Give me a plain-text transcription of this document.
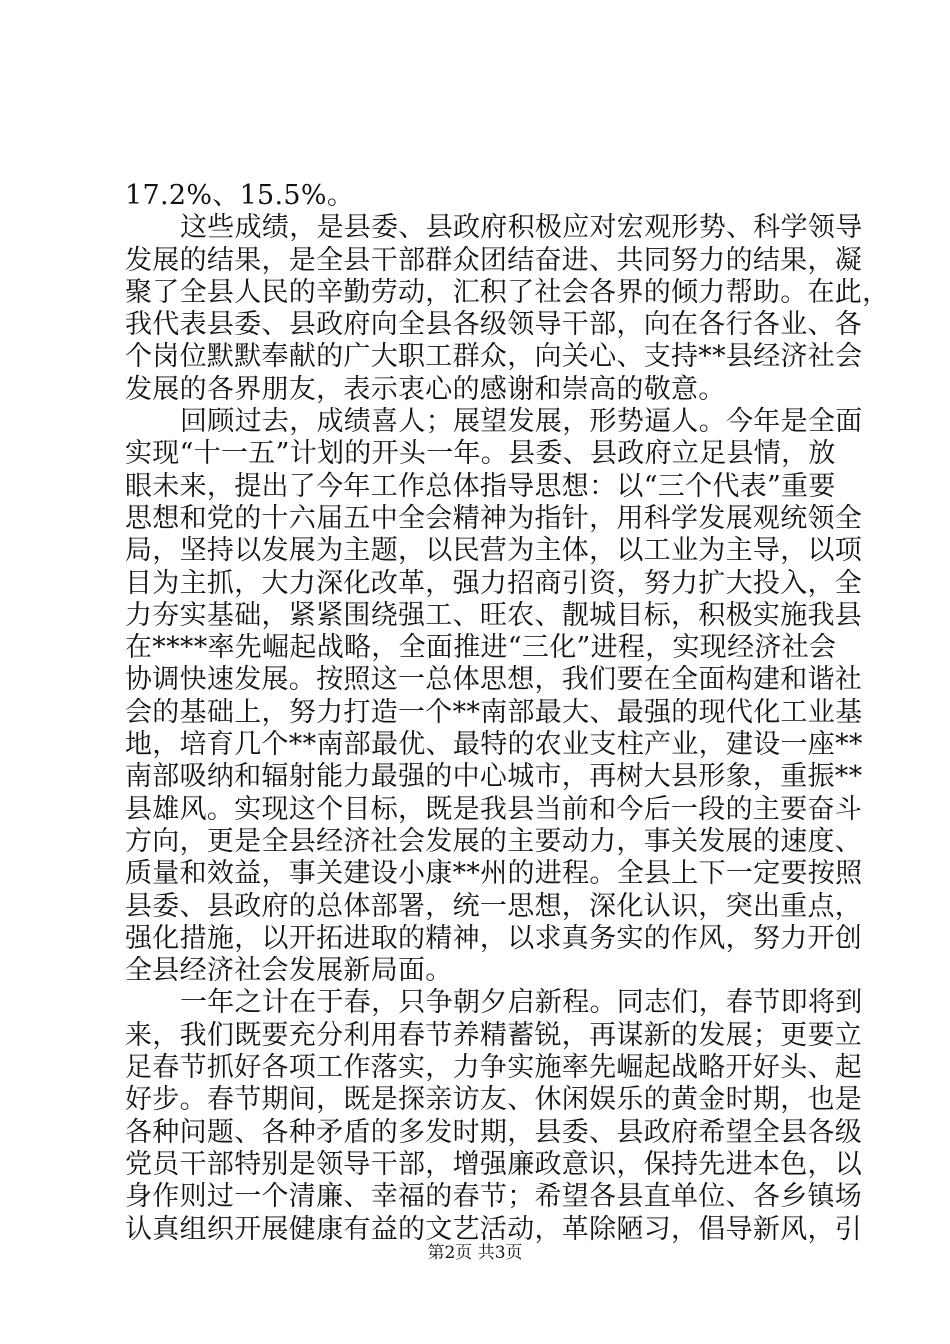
17.2%、15.5%。
这些成绩，是县委、县政府积极应对宏观形势、科学领导
发展的结果，是全县干部群众团结奋进、共同努力的结果，凝
聚了全县人民的辛勤劳动，汇积了社会各界的倾力帮助。在此，
我代表县委、县政府向全县各级领导干部，向在各行各业、各
个岗位默默奉献的广大职工群众，向关心、支持**县经济社会
发展的各界朋友，表示衷心的感谢和崇高的敬意。
回顾过去，成绩喜人；展望发展，形势逼人。今年是全面
实现“十一五”计划的开头一年。县委、县政府立足县情，放
眼未来，提出了今年工作总体指导思想：以“三个代表”重要
思想和党的十六届五中全会精神为指针，用科学发展观统领全
局，坚持以发展为主题，以民营为主体，以工业为主导，以项
目为主抓，大力深化改革，强力招商引资，努力扩大投入，全
力夯实基础，紧紧围绕强工、旺农、靓城目标，积极实施我县
在****率先崛起战略，全面推进“三化”进程，实现经济社会
协调快速发展。按照这一总体思想，我们要在全面构建和谐社
会的基础上，努力打造一个**南部最大、最强的现代化工业基
地，培育几个**南部最优、最特的农业支柱产业，建设一座**
南部吸纳和辐射能力最强的中心城市，再树大县形象，重振**
县雄风。实现这个目标，既是我县当前和今后一段的主要奋斗
方向，更是全县经济社会发展的主要动力，事关发展的速度、
质量和效益，事关建设小康**州的进程。全县上下一定要按照
县委、县政府的总体部署，统一思想，深化认识，突出重点，
强化措施，以开拓进取的精神，以求真务实的作风，努力开创
全县经济社会发展新局面。
一年之计在于春，只争朝夕启新程。同志们，春节即将到
来，我们既要充分利用春节养精蓄锐，再谋新的发展；更要立
足春节抓好各项工作落实，力争实施率先崛起战略开好头、起
好步。春节期间，既是探亲访友、休闲娱乐的黄金时期，也是
各种问题、各种矛盾的多发时期，县委、县政府希望全县各级
党员干部特别是领导干部，增强廉政意识，保持先进本色，以
身作则过一个清廉、幸福的春节；希望各县直单位、各乡镇场
认真组织开展健康有益的文艺活动，革除陋习，倡导新风，引
第2页 共3页
